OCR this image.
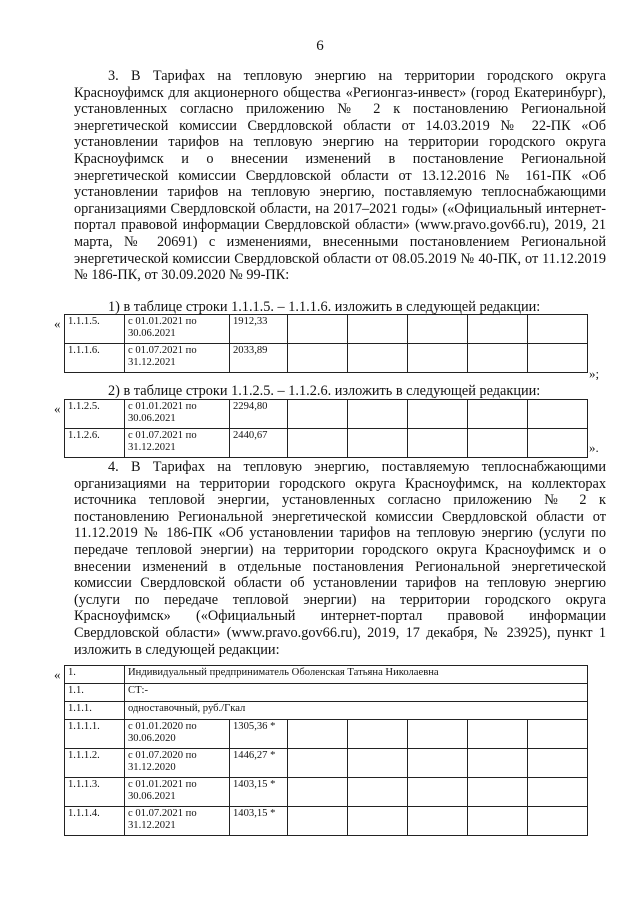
6

3. В Тарифах на тепловую энергию на территории городского округа Красноуфимск для акционерного общества «Регионгаз-инвест» (город Екатеринбург), установленных согласно приложению № 2 к постановлению Региональной энергетической комиссии Свердловской области от 14.03.2019 № 22-ПК «Об установлении тарифов на тепловую энергию на территории городского округа Красноуфимск и о внесении изменений в постановление Региональной энергетической комиссии Свердловской области от 13.12.2016 № 161-ПК «Об установлении тарифов на тепловую энергию, поставляемую теплоснабжающими организациями Свердловской области, на 2017–2021 годы» («Официальный интернет-портал правовой информации Свердловской области» (www.pravo.gov66.ru), 2019, 21 марта, № 20691) с изменениями, внесенными постановлением Региональной энергетической комиссии Свердловской области от 08.05.2019 № 40-ПК, от 11.12.2019 № 186-ПК, от 30.09.2020 № 99-ПК:

1) в таблице строки 1.1.1.5. – 1.1.1.6. изложить в следующей редакции:

« 1.1.1.5.	с 01.01.2021 по 30.06.2021	1912,33					
1.1.1.6.	с 01.07.2021 по 31.12.2021	2033,89					
»;

2) в таблице строки 1.1.2.5. – 1.1.2.6. изложить в следующей редакции:

« 1.1.2.5.	с 01.01.2021 по 30.06.2021	2294,80					
1.1.2.6.	с 01.07.2021 по 31.12.2021	2440,67					
».

4. В Тарифах на тепловую энергию, поставляемую теплоснабжающими организациями на территории городского округа Красноуфимск, на коллекторах источника тепловой энергии, установленных согласно приложению № 2 к постановлению Региональной энергетической комиссии Свердловской области от 11.12.2019 № 186-ПК «Об установлении тарифов на тепловую энергию (услуги по передаче тепловой энергии) на территории городского округа Красноуфимск и о внесении изменений в отдельные постановления Региональной энергетической комиссии Свердловской области об установлении тарифов на тепловую энергию (услуги по передаче тепловой энергии) на территории городского округа Красноуфимск» («Официальный интернет-портал правовой информации Свердловской области» (www.pravo.gov66.ru), 2019, 17 декабря, № 23925), пункт 1 изложить в следующей редакции:

« 1.	Индивидуальный предприниматель Оболенская Татьяна Николаевна						
1.1.	СТ:-						
1.1.1.	одноставочный, руб./Гкал						
1.1.1.1.	с 01.01.2020 по 30.06.2020	1305,36 *					
1.1.1.2.	с 01.07.2020 по 31.12.2020	1446,27 *					
1.1.1.3.	с 01.01.2021 по 30.06.2021	1403,15 *					
1.1.1.4.	с 01.07.2021 по 31.12.2021	1403,15 *					
